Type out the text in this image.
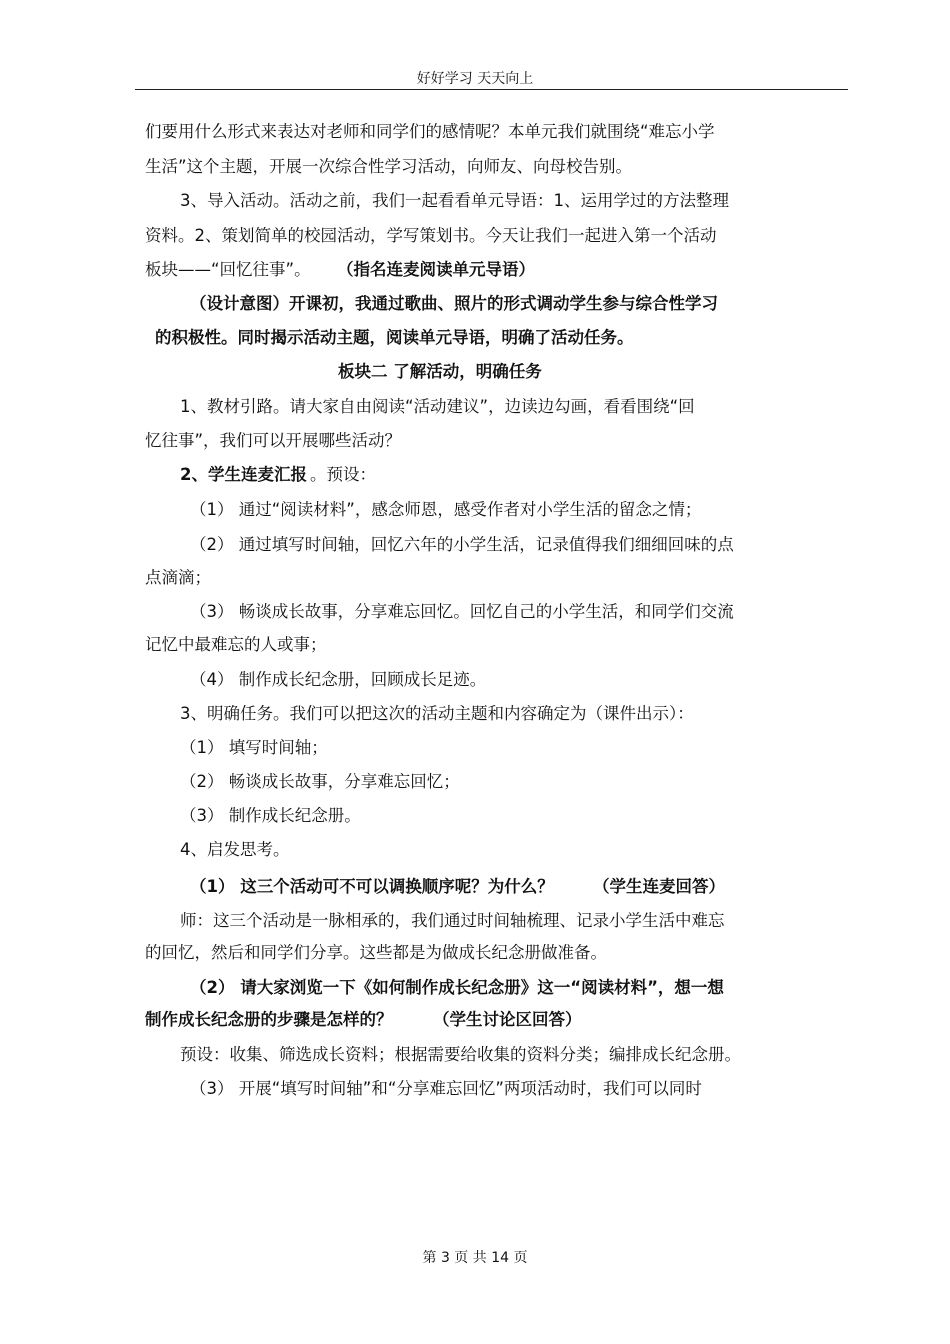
好好学习 天天向上
们要用什么形式来表达对老师和同学们的感情呢？本单元我们就围绕“难忘小学
生活”这个主题，开展一次综合性学习活动，向师友、向母校告别。
3、导入活动。活动之前，我们一起看看单元导语：1、运用学过的方法整理
资料。2、策划简单的校园活动，学写策划书。今天让我们一起进入第一个活动
板块——“回忆往事”。 （指名连麦阅读单元导语）
（设计意图）开课初，我通过歌曲、照片的形式调动学生参与综合性学习
的积极性。同时揭示活动主题，阅读单元导语，明确了活动任务。
板块二 了解活动，明确任务
1、教材引路。请大家自由阅读“活动建议”，边读边勾画，看看围绕“回
忆往事”，我们可以开展哪些活动？
2、学生连麦汇报 。预设：
（1） 通过“阅读材料”，感念师恩，感受作者对小学生活的留念之情；
（2） 通过填写时间轴，回忆六年的小学生活，记录值得我们细细回味的点
点滴滴；
（3） 畅谈成长故事，分享难忘回忆。回忆自己的小学生活，和同学们交流
记忆中最难忘的人或事；
（4） 制作成长纪念册，回顾成长足迹。
3、明确任务。我们可以把这次的活动主题和内容确定为（课件出示）：
（1） 填写时间轴；
（2） 畅谈成长故事，分享难忘回忆；
（3） 制作成长纪念册。
4、启发思考。
（1） 这三个活动可不可以调换顺序呢？为什么？ （学生连麦回答）
师：这三个活动是一脉相承的，我们通过时间轴梳理、记录小学生活中难忘
的回忆，然后和同学们分享。这些都是为做成长纪念册做准备。
（2） 请大家浏览一下《如何制作成长纪念册》这一“阅读材料”，想一想
制作成长纪念册的步骤是怎样的？ （学生讨论区回答）
预设：收集、筛选成长资料；根据需要给收集的资料分类；编排成长纪念册。
（3） 开展“填写时间轴”和“分享难忘回忆”两项活动时，我们可以同时
第 3 页 共 14 页
